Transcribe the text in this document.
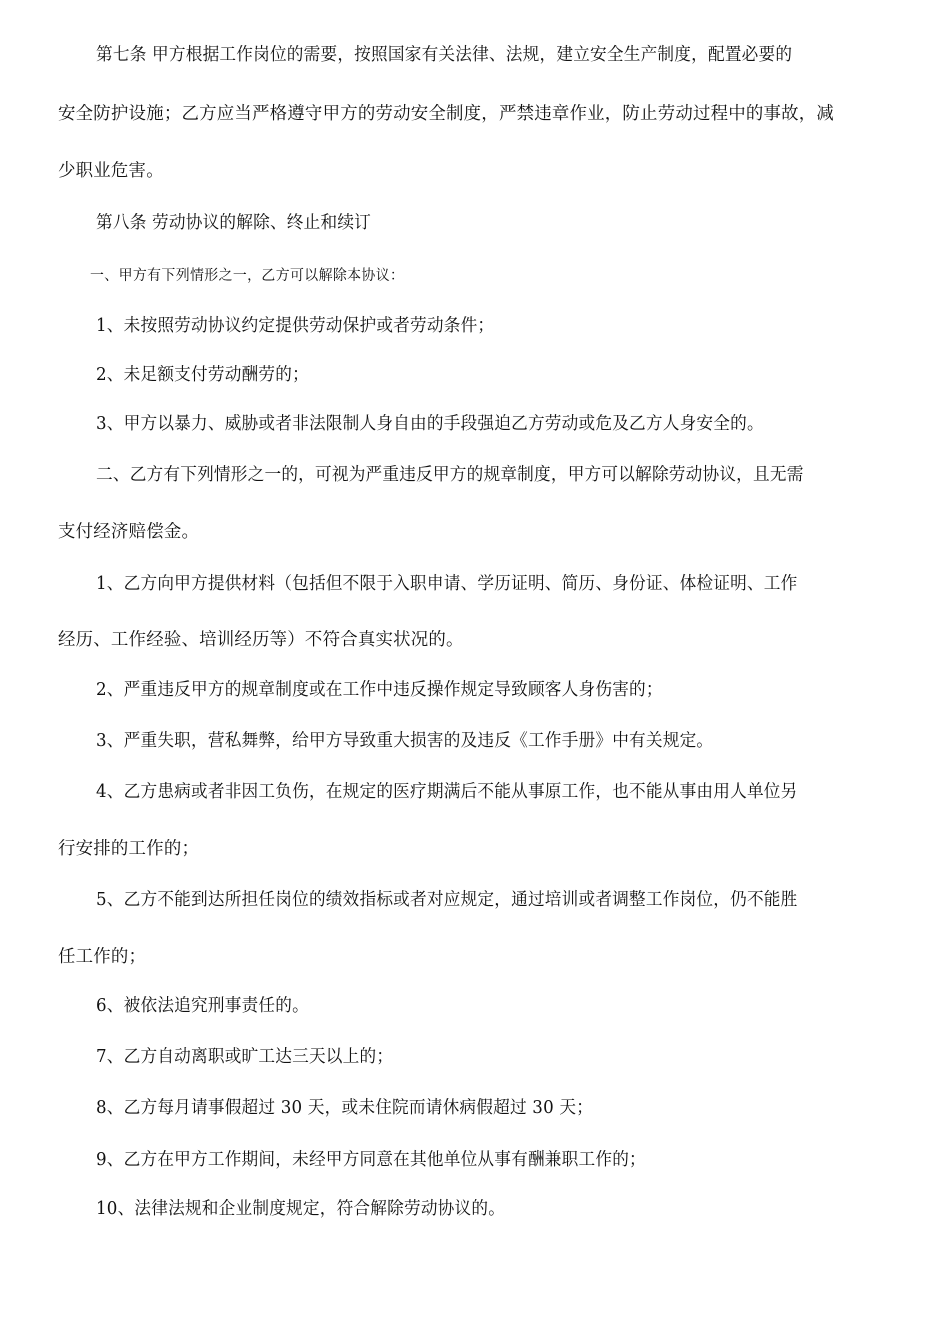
第七条 甲方根据工作岗位的需要，按照国家有关法律、法规，建立安全生产制度，配置必要的
安全防护设施；乙方应当严格遵守甲方的劳动安全制度，严禁违章作业，防止劳动过程中的事故，减
少职业危害。
第八条 劳动协议的解除、终止和续订
一、甲方有下列情形之一，乙方可以解除本协议：
1、未按照劳动协议约定提供劳动保护或者劳动条件；
2、未足额支付劳动酬劳的；
3、甲方以暴力、威胁或者非法限制人身自由的手段强迫乙方劳动或危及乙方人身安全的。
二、乙方有下列情形之一的，可视为严重违反甲方的规章制度，甲方可以解除劳动协议，且无需
支付经济赔偿金。
1、乙方向甲方提供材料（包括但不限于入职申请、学历证明、简历、身份证、体检证明、工作
经历、工作经验、培训经历等）不符合真实状况的。
2、严重违反甲方的规章制度或在工作中违反操作规定导致顾客人身伤害的；
3、严重失职，营私舞弊，给甲方导致重大损害的及违反《工作手册》中有关规定。
4、乙方患病或者非因工负伤，在规定的医疗期满后不能从事原工作，也不能从事由用人单位另
行安排的工作的；
5、乙方不能到达所担任岗位的绩效指标或者对应规定，通过培训或者调整工作岗位，仍不能胜
任工作的；
6、被依法追究刑事责任的。
7、乙方自动离职或旷工达三天以上的；
8、乙方每月请事假超过 30 天，或未住院而请休病假超过 30 天；
9、乙方在甲方工作期间，未经甲方同意在其他单位从事有酬兼职工作的；
10、法律法规和企业制度规定，符合解除劳动协议的。
